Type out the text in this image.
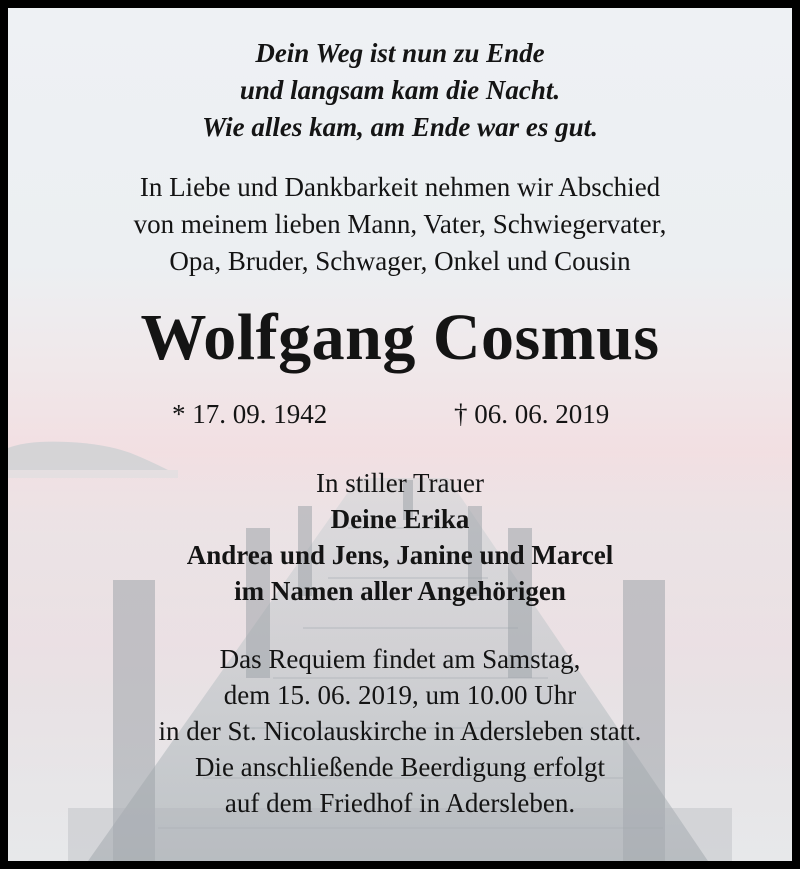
Dein Weg ist nun zu Ende
und langsam kam die Nacht.
Wie alles kam, am Ende war es gut.
In Liebe und Dankbarkeit nehmen wir Abschied
von meinem lieben Mann, Vater, Schwiegervater,
Opa, Bruder, Schwager, Onkel und Cousin
Wolfgang Cosmus
* 17. 09. 1942	† 06. 06. 2019
In stiller Trauer
Deine Erika
Andrea und Jens, Janine und Marcel
im Namen aller Angehörigen
Das Requiem findet am Samstag,
dem 15. 06. 2019, um 10.00 Uhr
in der St. Nicolauskirche in Adersleben statt.
Die anschließende Beerdigung erfolgt
auf dem Friedhof in Adersleben.
